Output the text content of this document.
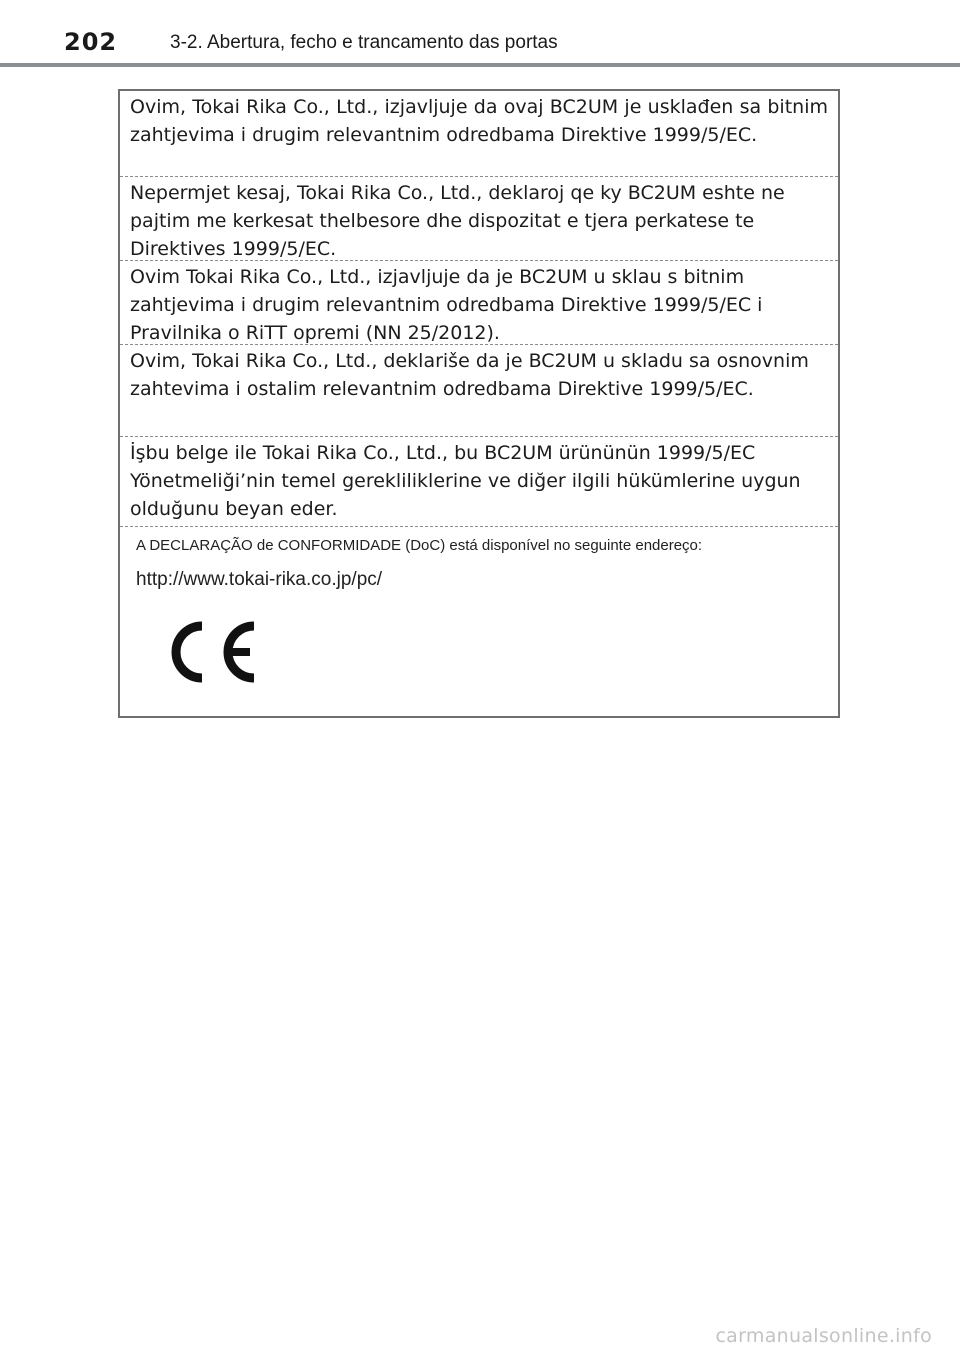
202	3-2. Abertura, fecho e trancamento das portas
Ovim, Tokai Rika Co., Ltd., izjavljuje da ovaj BC2UM je usklađen sa bitnim zahtjevima i drugim relevantnim odredbama Direktive 1999/5/EC.
Nepermjet kesaj, Tokai Rika Co., Ltd., deklaroj qe ky BC2UM eshte ne pajtim me kerkesat thelbesore dhe dispozitat e tjera perkatese te Direktives 1999/5/EC.
Ovim Tokai Rika Co., Ltd., izjavljuje da je BC2UM u sklau s bitnim zahtjevima i drugim relevantnim odredbama Direktive 1999/5/EC i Pravilnika o RiTT opremi (NN 25/2012).
Ovim, Tokai Rika Co., Ltd., deklariše da je BC2UM u skladu sa osnovnim zahtevima i ostalim relevantnim odredbama Direktive 1999/5/EC.
İşbu belge ile Tokai Rika Co., Ltd., bu BC2UM ürününün 1999/5/EC Yönetmeliği’nin temel gerekliliklerine ve diğer ilgili hükümlerine uygun olduğunu beyan eder.
A DECLARAÇÃO de CONFORMIDADE (DoC) está disponível no seguinte endereço:
http://www.tokai-rika.co.jp/pc/
carmanualsonline.info
